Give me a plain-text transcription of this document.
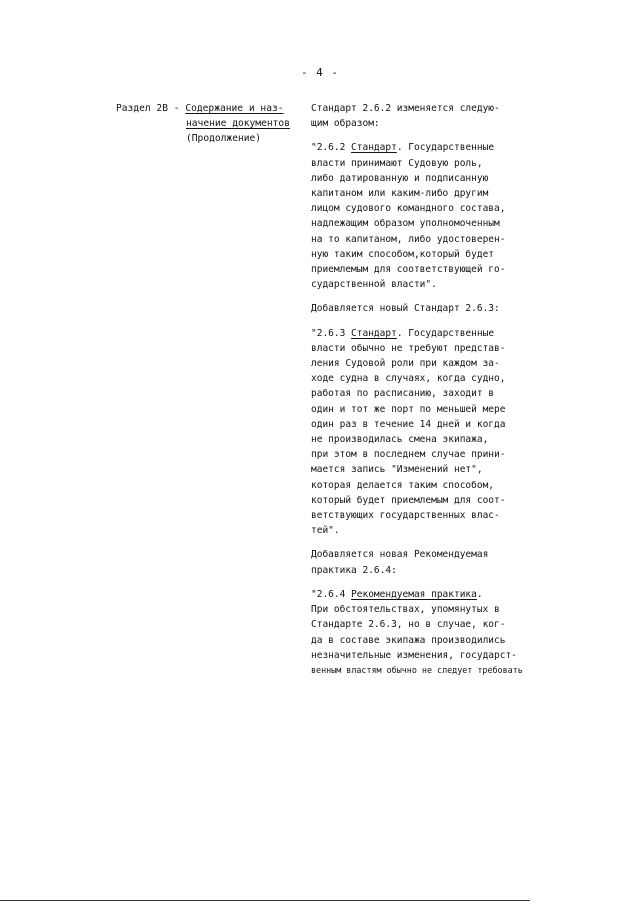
- 4 -
Раздел 2В - Содержание и наз-
начение документов
(Продолжение)
Стандарт 2.6.2 изменяется следую-
щим образом:
"2.6.2 Стандарт. Государственные
власти принимают Судовую роль,
либо датированную и подписанную
капитаном или каким-либо другим
лицом судового командного состава,
надлежащим образом уполномоченным
на то капитаном, либо удостоверен-
ную таким способом,который будет
приемлемым для соответствующей го-
сударственной власти".
Добавляется новый Стандарт 2.6.3:
"2.6.3 Стандарт. Государственные
власти обычно не требуют представ-
ления Судовой роли при каждом за-
ходе судна в случаях, когда судно,
работая по расписанию, заходит в
один и тот же порт по меньшей мере
один раз в течение 14 дней и когда
не производилась смена экипажа,
при этом в последнем случае прини-
мается запись "Изменений нет",
которая делается таким способом,
который будет приемлемым для соот-
ветствующих государственных влас-
тей".
Добавляется новая Рекомендуемая
практика 2.6.4:
"2.6.4 Рекомендуемая практика.
При обстоятельствах, упомянутых в
Стандарте 2.6.3, но в случае, ког-
да в составе экипажа производились
незначительные изменения, государст-
венным властям обычно не следует требовать
